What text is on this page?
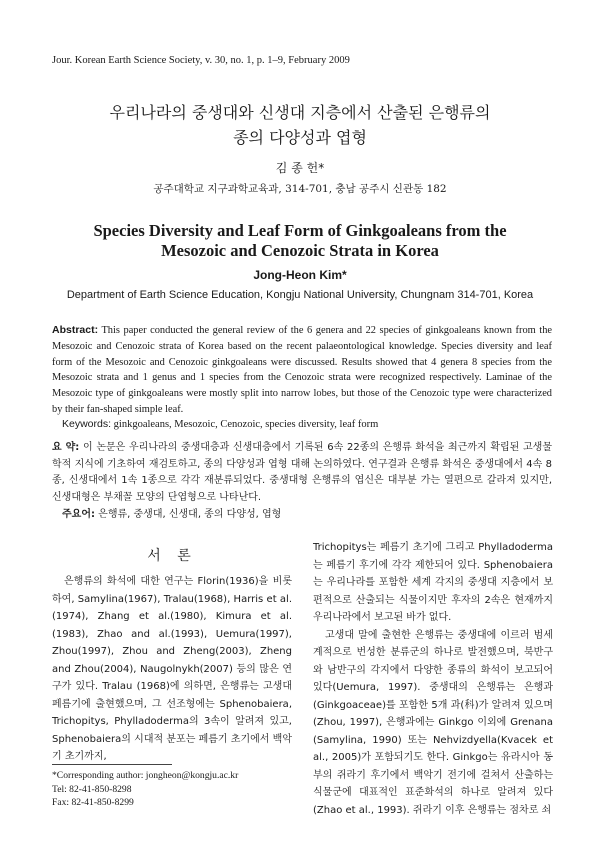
Jour. Korean Earth Science Society, v. 30, no. 1, p. 1–9, February 2009
우리나라의 중생대와 신생대 지층에서 산출된 은행류의
종의 다양성과 엽형
김 종 헌*
공주대학교 지구과학교육과, 314-701, 충남 공주시 신관동 182
Species Diversity and Leaf Form of Ginkgoaleans from the
Mesozoic and Cenozoic Strata in Korea
Jong-Heon Kim*
Department of Earth Science Education, Kongju National University, Chungnam 314-701, Korea
Abstract: This paper conducted the general review of the 6 genera and 22 species of ginkgoaleans known from the Mesozoic and Cenozoic strata of Korea based on the recent palaeontological knowledge. Species diversity and leaf form of the Mesozoic and Cenozoic ginkgoaleans were discussed. Results showed that 4 genera 8 species from the Mesozoic strata and 1 genus and 1 species from the Cenozoic strata were recognized respectively. Laminae of the Mesozoic type of ginkgoaleans were mostly split into narrow lobes, but those of the Cenozoic type were characterized by their fan-shaped simple leaf.
Keywords: ginkgoaleans, Mesozoic, Cenozoic, species diversity, leaf form
요 약: 이 논문은 우리나라의 중생대층과 신생대층에서 기록된 6속 22종의 은행류 화석을 최근까지 확립된 고생물학적 지식에 기초하여 재검토하고, 종의 다양성과 엽형 대해 논의하였다. 연구결과 은행류 화석은 중생대에서 4속 8종, 신생대에서 1속 1종으로 각각 재분류되었다. 중생대형 은행류의 엽신은 대부분 가는 열편으로 갈라져 있지만, 신생대형은 부채꼴 모양의 단엽형으로 나타난다.
주요어: 은행류, 중생대, 신생대, 종의 다양성, 엽형
서 론

은행류의 화석에 대한 연구는 Florin(1936)을 비롯하여, Samylina(1967), Tralau(1968), Harris et al. (1974), Zhang et al.(1980), Kimura et al.(1983), Zhao and al.(1993), Uemura(1997), Zhou(1997), Zhou and Zheng(2003), Zheng and Zhou(2004), Naugolnykh(2007) 등의 많은 연구가 있다. Tralau (1968)에 의하면, 은행류는 고생대 페름기에 출현했으며, 그 선조형에는 Sphenobaiera, Trichopitys, Phylladoderma의 3속이 알려져 있고, Sphenobaiera의 시대적 분포는 페름기 초기에서 백악기 초기까지,

Trichopitys는 페름기 초기에 그리고 Phylladoderma는 페름기 후기에 각각 제한되어 있다. Sphenobaiera는 우리나라를 포함한 세계 각지의 중생대 지층에서 보편적으로 산출되는 식물이지만 후자의 2속은 현재까지 우리나라에서 보고된 바가 없다.

고생대 말에 출현한 은행류는 중생대에 이르러 범세계적으로 번성한 분류군의 하나로 발전했으며, 북반구와 남반구의 각지에서 다양한 종류의 화석이 보고되어 있다(Uemura, 1997). 중생대의 은행류는 은행과(Ginkgoaceae)를 포함한 5개 과(科)가 알려져 있으며(Zhou, 1997), 은행과에는 Ginkgo 이외에 Grenana (Samylina, 1990) 또는 Nehvizdyella(Kvacek et al., 2005)가 포함되기도 한다. Ginkgo는 유라시아 동부의 쥐라기 후기에서 백악기 전기에 걸쳐서 산출하는 식물군에 대표적인 표준화석의 하나로 알려져 있다 (Zhao et al., 1993). 쥐라기 이후 은행류는 점차로 쇠

*Corresponding author: jongheon@kongju.ac.kr
Tel: 82-41-850-8298
Fax: 82-41-850-8299
